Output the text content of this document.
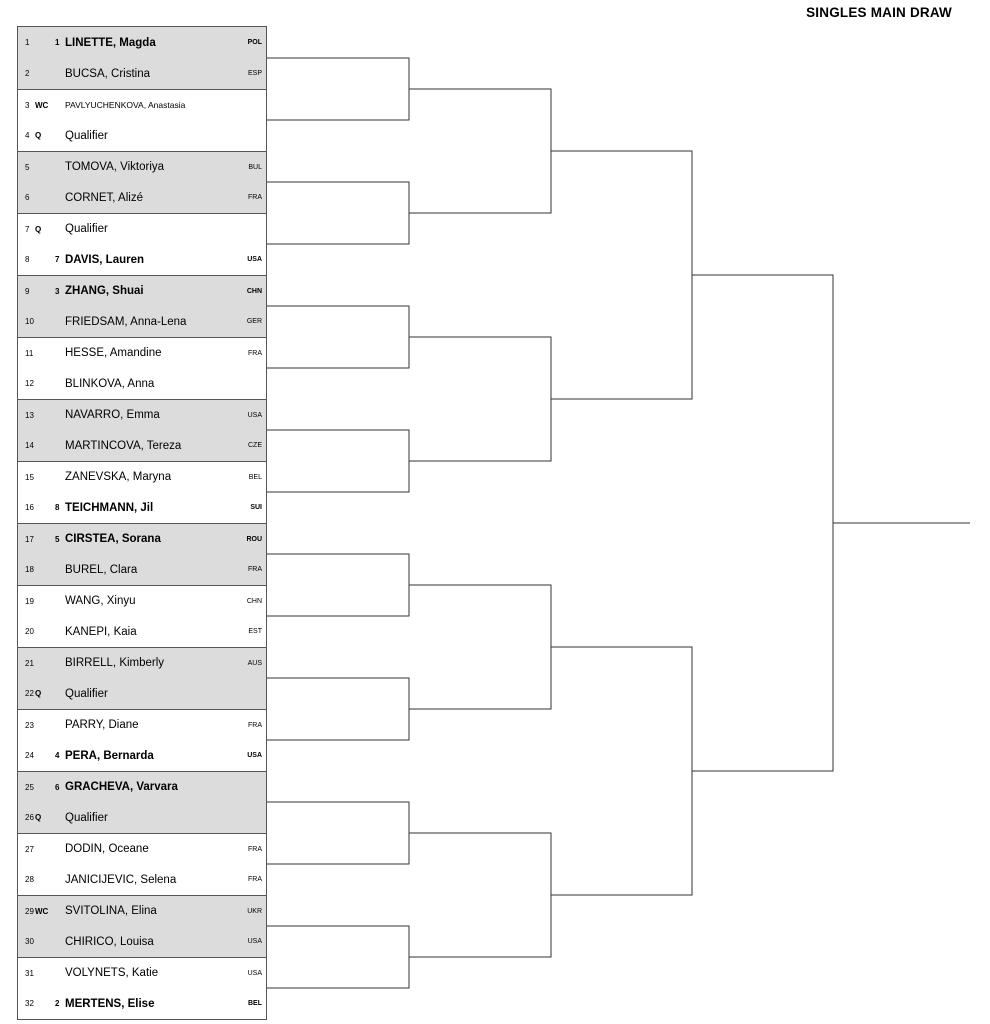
SINGLES MAIN DRAW
1	1 LINETTE, Magda	POL
2	BUCSA, Cristina	ESP
3 WC PAVLYUCHENKOVA, Anastasia
4 Q Qualifier
5	TOMOVA, Viktoriya	BUL
6	CORNET, Alizé	FRA
7 Q Qualifier
8	7 DAVIS, Lauren	USA
9	3 ZHANG, Shuai	CHN
10	FRIEDSAM, Anna-Lena	GER
11	HESSE, Amandine	FRA
12	BLINKOVA, Anna
13	NAVARRO, Emma	USA
14	MARTINCOVA, Tereza	CZE
15	ZANEVSKA, Maryna	BEL
16	8 TEICHMANN, Jil	SUI
17	5 CIRSTEA, Sorana	ROU
18	BUREL, Clara	FRA
19	WANG, Xinyu	CHN
20	KANEPI, Kaia	EST
21	BIRRELL, Kimberly	AUS
22 Q Qualifier
23	PARRY, Diane	FRA
24	4 PERA, Bernarda	USA
25	6 GRACHEVA, Varvara
26 Q Qualifier
27	DODIN, Oceane	FRA
28	JANICIJEVIC, Selena	FRA
29 WC SVITOLINA, Elina	UKR
30	CHIRICO, Louisa	USA
31	VOLYNETS, Katie	USA
32	2 MERTENS, Elise	BEL
